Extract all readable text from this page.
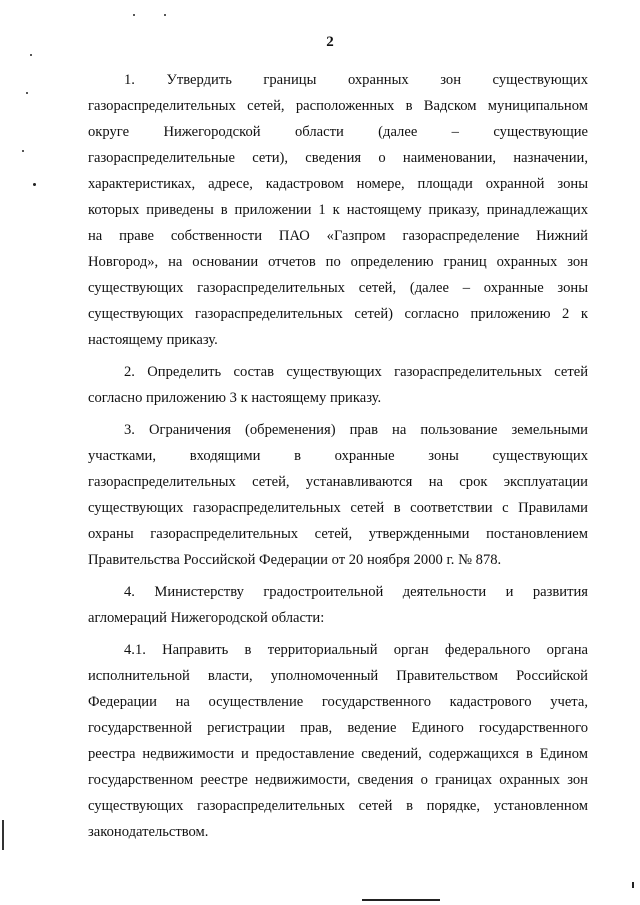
2
1. Утвердить границы охранных зон существующих
газораспределительных сетей, расположенных в Вадском муниципальном
округе Нижегородской области (далее – существующие
газораспределительные сети), сведения о наименовании, назначении,
характеристиках, адресе, кадастровом номере, площади охранной зоны
которых приведены в приложении 1 к настоящему приказу, принадлежащих
на праве собственности ПАО «Газпром газораспределение Нижний
Новгород», на основании отчетов по определению границ охранных зон
существующих газораспределительных сетей, (далее – охранные зоны
существующих газораспределительных сетей) согласно приложению 2 к
настоящему приказу.
2. Определить состав существующих газораспределительных сетей
согласно приложению 3 к настоящему приказу.
3. Ограничения (обременения) прав на пользование земельными
участками, входящими в охранные зоны существующих
газораспределительных сетей, устанавливаются на срок эксплуатации
существующих газораспределительных сетей в соответствии с Правилами
охраны газораспределительных сетей, утвержденными постановлением
Правительства Российской Федерации от 20 ноября 2000 г. № 878.
4. Министерству градостроительной деятельности и развития
агломераций Нижегородской области:
4.1. Направить в территориальный орган федерального органа
исполнительной власти, уполномоченный Правительством Российской
Федерации на осуществление государственного кадастрового учета,
государственной регистрации прав, ведение Единого государственного
реестра недвижимости и предоставление сведений, содержащихся в Едином
государственном реестре недвижимости, сведения о границах охранных зон
существующих газораспределительных сетей в порядке, установленном
законодательством.
